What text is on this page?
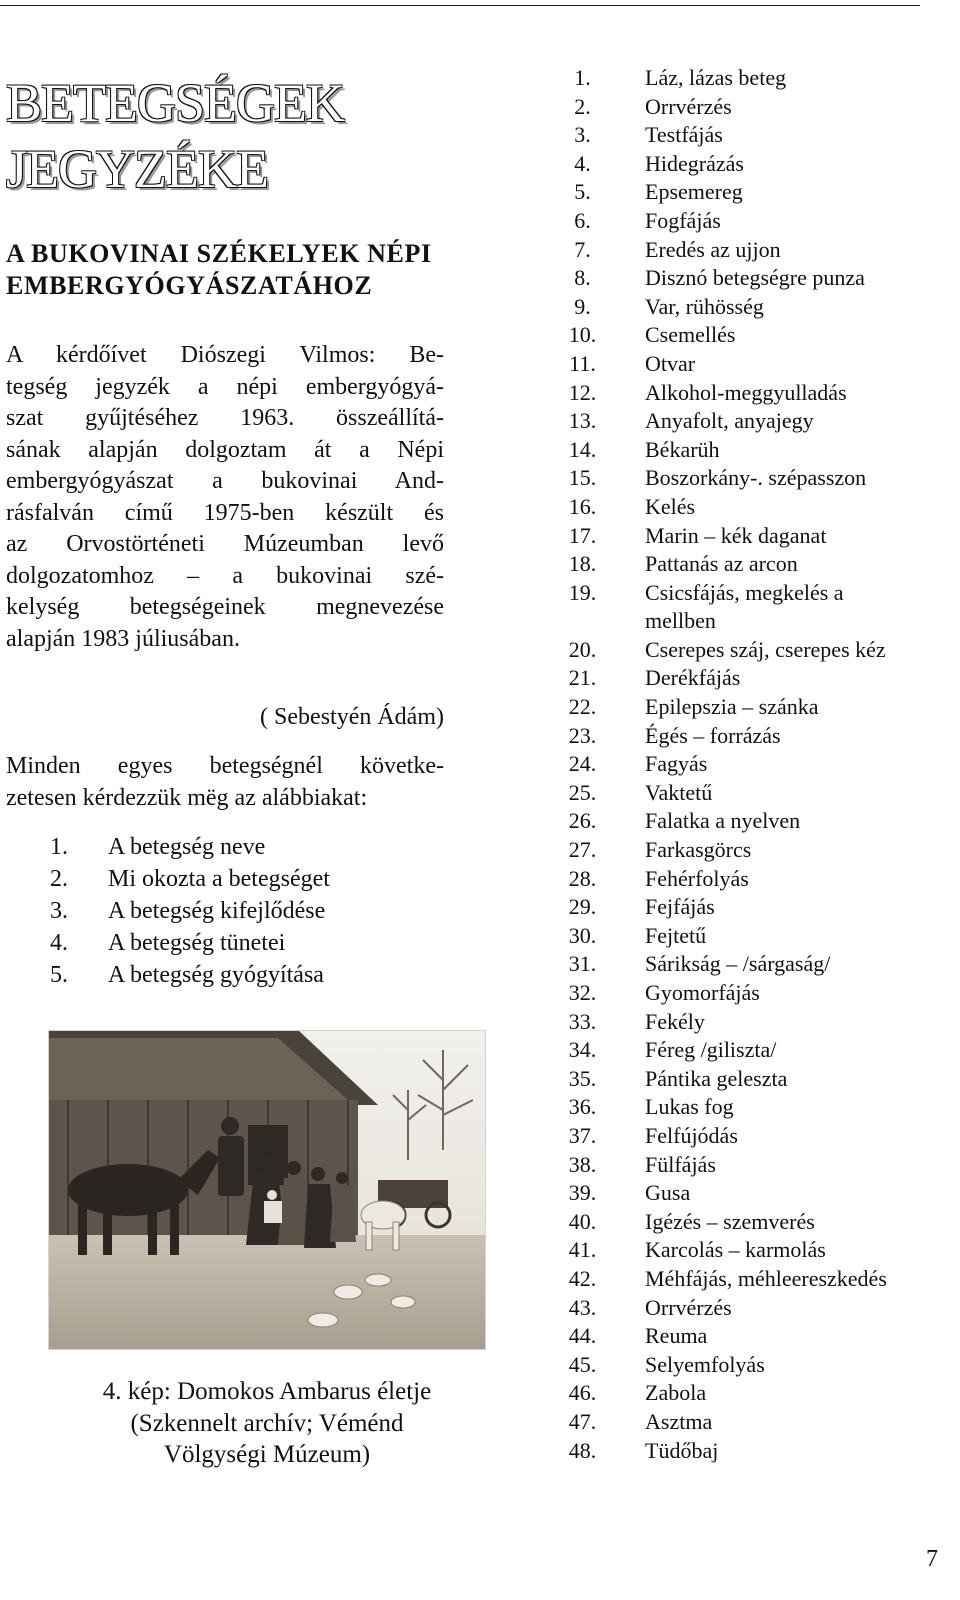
BETEGSÉGEK
JEGYZÉKE
A BUKOVINAI SZÉKELYEK NÉPI
EMBERGYÓGYÁSZATÁHOZ

A kérdőívet Diószegi Vilmos: Be-
tegség jegyzék a népi embergyógyá-
szat gyűjtéséhez 1963. összeállítá-
sának alapján dolgoztam át a Népi
embergyógyászat a bukovinai And-
rásfalván című 1975-ben készült és
az Orvostörténeti Múzeumban levő
dolgozatomhoz – a bukovinai szé-
kelység betegségeinek megnevezése
alapján 1983 júliusában.

( Sebestyén Ádám)

Minden egyes betegségnél követke-
zetesen kérdezzük mëg az alábbiakat:

1. A betegség neve
2. Mi okozta a betegséget
3. A betegség kifejlődése
4. A betegség tünetei
5. A betegség gyógyítása

4. kép: Domokos Ambarus életje
(Szkennelt archív; Véménd
Völgységi Múzeum)

1. Láz, lázas beteg
2. Orrvérzés
3. Testfájás
4. Hidegrázás
5. Epsemereg
6. Fogfájás
7. Eredés az ujjon
8. Disznó betegségre punza
9. Var, rühösség
10. Csemellés
11. Otvar
12. Alkohol-meggyulladás
13. Anyafolt, anyajegy
14. Békarüh
15. Boszorkány-. szépasszon
16. Kelés
17. Marin – kék daganat
18. Pattanás az arcon
19. Csicsfájás, megkelés a
mellben
20. Cserepes száj, cserepes kéz
21. Derékfájás
22. Epilepszia – szánka
23. Égés – forrázás
24. Fagyás
25. Vaktetű
26. Falatka a nyelven
27. Farkasgörcs
28. Fehérfolyás
29. Fejfájás
30. Fejtetű
31. Sárikság – /sárgaság/
32. Gyomorfájás
33. Fekély
34. Féreg /giliszta/
35. Pántika geleszta
36. Lukas fog
37. Felfújódás
38. Fülfájás
39. Gusa
40. Igézés – szemverés
41. Karcolás – karmolás
42. Méhfájás, méhleereszkedés
43. Orrvérzés
44. Reuma
45. Selyemfolyás
46. Zabola
47. Asztma
48. Tüdőbaj
7
